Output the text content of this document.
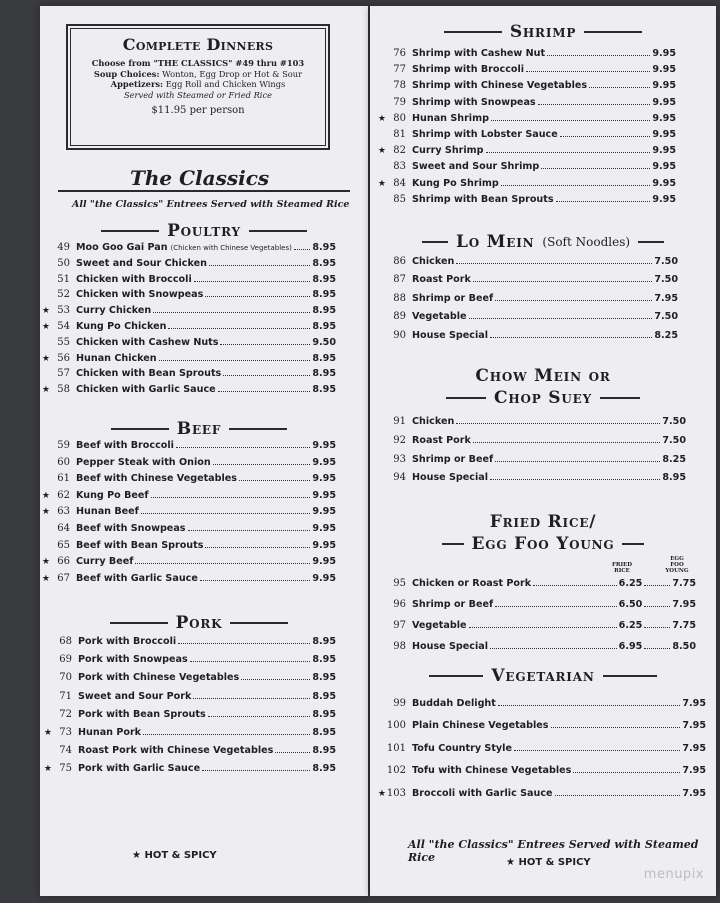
Complete Dinners
Choose from "THE CLASSICS" #49 thru #103
Soup Choices: Wonton, Egg Drop or Hot & Sour
Appetizers: Egg Roll and Chicken Wings
Served with Steamed or Fried Rice
$11.95 per person
The Classics
All "the Classics" Entrees Served with Steamed Rice
Poultry
Beef
Pork
★ HOT & SPICY
49 Moo Goo Gai Pan (Chicken with Chinese Vegetables) 8.95
50 Sweet and Sour Chicken	8.95
51 Chicken with Broccoli	8.95
52 Chicken with Snowpeas	8.95
★ 53 Curry Chicken	8.95
★ 54 Kung Po Chicken	8.95
55 Chicken with Cashew Nuts	9.50
★ 56 Hunan Chicken	8.95
57 Chicken with Bean Sprouts	8.95
★ 58 Chicken with Garlic Sauce	8.95
59 Beef with Broccoli	9.95
60 Pepper Steak with Onion	9.95
61 Beef with Chinese Vegetables	9.95
★ 62 Kung Po Beef	9.95
★ 63 Hunan Beef	9.95
64 Beef with Snowpeas	9.95
65 Beef with Bean Sprouts	9.95
★ 66 Curry Beef	9.95
★ 67 Beef with Garlic Sauce	9.95
68 Pork with Broccoli	8.95
69 Pork with Snowpeas	8.95
70 Pork with Chinese Vegetables	8.95
71 Sweet and Sour Pork	8.95
72 Pork with Bean Sprouts	8.95
★ 73 Hunan Pork	8.95
74 Roast Pork with Chinese Vegetables	8.95
★ 75 Pork with Garlic Sauce	8.95
Shrimp
Lo Mein (Soft Noodles)
Chow Mein or
Chop Suey
Fried Rice/
Egg Foo Young
FRIED RICE
EGG FOO YOUNG
Vegetarian
All "the Classics" Entrees Served with Steamed Rice	★ HOT & SPICY
menupix
76 Shrimp with Cashew Nut	9.95
77 Shrimp with Broccoli	9.95
78 Shrimp with Chinese Vegetables	9.95
79 Shrimp with Snowpeas	9.95
★ 80 Hunan Shrimp	9.95
81 Shrimp with Lobster Sauce	9.95
★ 82 Curry Shrimp	9.95
83 Sweet and Sour Shrimp	9.95
★ 84 Kung Po Shrimp	9.95
85 Shrimp with Bean Sprouts	9.95
86 Chicken	7.50
87 Roast Pork	7.50
88 Shrimp or Beef	7.95
89 Vegetable	7.50
90 House Special	8.25
91 Chicken	7.50
92 Roast Pork	7.50
93 Shrimp or Beef	8.25
94 House Special	8.95
95 Chicken or Roast Pork	6.25	7.75
96 Shrimp or Beef	6.50	7.95
97 Vegetable	6.25	7.75
98 House Special	6.95	8.50
99 Buddah Delight	7.95
100 Plain Chinese Vegetables	7.95
101 Tofu Country Style	7.95
102 Tofu with Chinese Vegetables	7.95
★ 103 Broccoli with Garlic Sauce	7.95
